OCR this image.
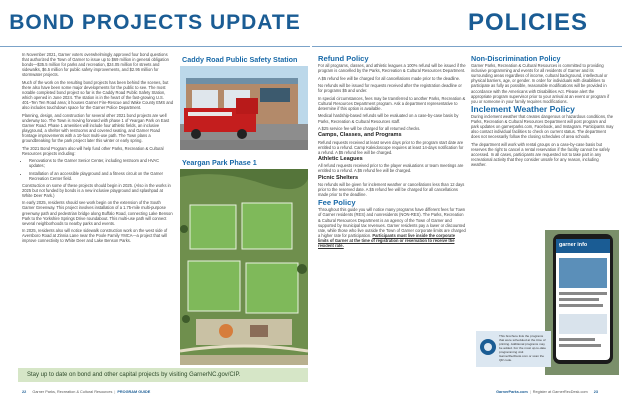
BOND PROJECTS UPDATE

In November 2021, Garner voters overwhelmingly approved four bond questions that authorized the Town of Garner to issue up to $69 million in general obligation bonds—$35.5 million for parks and recreation, $24.05 million for streets and sidewalks, $6.5 million for public safety improvements, and $2.95 million for stormwater projects.

Much of the work on the resulting bond projects has been behind the scenes, but there also have been some major developments for the public to see. The most notable completed bond project so far is the Caddy Road Public Safety Station, which opened in June 2024. The station is in the heart of the fast-growing U.S. 401–Ten Ten Road area; it houses Garner Fire-Rescue and Wake County EMS and also includes touchdown space for the Garner Police Department.

Planning, design, and construction for several other 2021 bond projects are well underway too. The Town is moving forward with phase 1 of Yeargan Park on East Garner Road. Phase 1 amenities will include four athletic fields, an inclusive playground, a shelter with restrooms and covered seating, and Garner Road frontage improvements with a 10-foot multi-use path. The Town plans a groundbreaking for the park project later this winter or early spring.

The 2021 Bond Program also will help fund other Parks, Recreation & Cultural Resources projects including:

• Renovations to the Garner Senior Center, including restroom and HVAC updates;
• Installation of an accessible playground and a fitness circuit on the Garner Recreation Center field.

Construction on some of these projects should begin in 2025. (Also in the works in 2025 but not funded by bonds is a new inclusive playground and splashpad at White Deer Park.)

In early 2025, residents should see work begin on the extension of the South Garner Greenway. This project involves installation of a 1.75-mile multi-purpose greenway path and pedestrian bridge along Buffalo Road, connecting Lake Benson Park to the Yorkshire Springs Drive roundabout. This multi-use path will connect several neighborhoods to nearby parks and events.

In 2025, residents also will notice sidewalk construction work on the west side of Aversboro Road at Zinnia Lane near the Poole Family YMCA—a project that will improve connectivity to White Deer and Lake Benson Parks.

Caddy Road Public Safety Station
Yeargan Park Phase 1
Stay up to date on bond and other capital projects by visiting GarnerNC.gov/CIP.
22
Garner Parks, Recreation & Cultural Resources | PROGRAM GUIDE
POLICIES
Refund Policy

For all programs, classes, and athletic leagues a 100% refund will be issued if the program is cancelled by the Parks, Recreation & Cultural Resources Department.

A $5 refund fee will be charged for all cancellations made prior to the deadline.

No refunds will be issued for requests received after the registration deadline or for programs $5 and under.

In special circumstances, fees may be transferred to another Parks, Recreation & Cultural Resources Department program. Ask a department representative to determine if this option is available.

Medical hardship-based refunds will be evaluated on a case-by-case basis by Parks, Recreation & Cultural Resources staff.

A $25 service fee will be charged for all returned checks.

Camps, Classes, and Programs

Refund requests received at least seven days prior to the program start date are entitled to a refund. Camp Kaleidoscope requires at least 14-days notification for a refund. A $5 refund fee will be charged.

Athletic Leagues

All refund requests received prior to the player evaluations or team meetings are entitled to a refund. A $5 refund fee will be charged.

Picnic Shelters

No refunds will be given for inclement weather or cancellations less than 12 days prior to the reserved date. A $5 refund fee will be charged for all cancellations made prior to the deadline.

Fee Policy

Throughout this guide you will notice many programs have different fees for Town of Garner residents (RES) and nonresidents (NON-RES). The Parks, Recreation & Cultural Resources Department is an agency of the Town of Garner and supported by municipal tax revenues. Garner residents pay a lower or discounted rate, while those who live outside the Town of Garner corporate limits are charged a higher rate for participation. Participants must live inside the corporate limits of Garner at the time of registration or reservation to receive the resident rate.

Non-Discrimination Policy

Garner Parks, Recreation & Cultural Resources is committed to providing inclusive programming and events for all residents of Garner and its surrounding areas regardless of income, cultural background, intellectual or physical barriers, age, or gender. In order for individuals with disabilities to participate as fully as possible, reasonable modifications will be provided in accordance with the Americans with Disabilities Act. Please alert the appropriate program supervisor prior to your arrival at an event or program if you or someone in your family requires modifications.

Inclement Weather Policy

During inclement weather that creates dangerous or hazardous conditions, the Parks, Recreation & Cultural Resources Department will post program and park updates on garnerparks.com, Facebook, and Instagram. Participants may also contact individual facilities to check on current status. The department does not necessarily follow the closing schedules of area schools.

The department will work with rental groups on a case-by-case basis but reserves the right to cancel a rental reservation if the facility cannot be safely accessed. In all cases, participants are requested not to take part in any recreational activity that they consider unsafe for any reason, including weather.

garner info
This brochure lists the programs that were scheduled at the time of printing. Additional programs may be added. For the most up-to-date programming visit GarnerRecDesk.com or scan the QR code.
GarnerParks.com | Register at GarnerRecDesk.com
23
